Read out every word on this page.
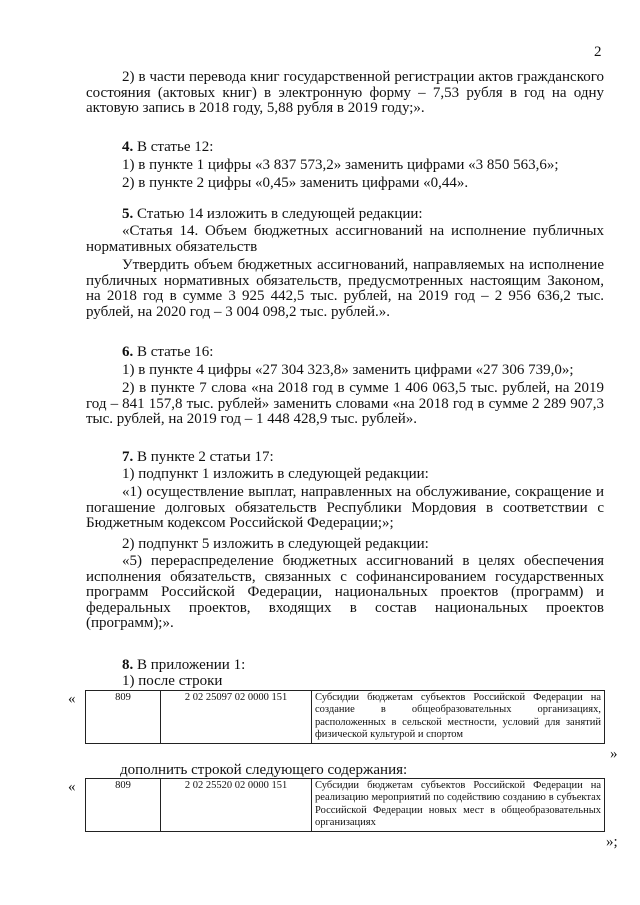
2

2) в части перевода книг государственной регистрации актов гражданского состояния (актовых книг) в электронную форму – 7,53 рубля в год на одну актовую запись в 2018 году, 5,88 рубля в 2019 году;».

4. В статье 12:

1) в пункте 1 цифры «3 837 573,2» заменить цифрами «3 850 563,6»;

2) в пункте 2 цифры «0,45» заменить цифрами «0,44».

5. Статью 14 изложить в следующей редакции:

«Статья 14. Объем бюджетных ассигнований на исполнение публичных нормативных обязательств

Утвердить объем бюджетных ассигнований, направляемых на исполнение публичных нормативных обязательств, предусмотренных настоящим Законом, на 2018 год в сумме 3 925 442,5 тыс. рублей, на 2019 год – 2 956 636,2 тыс. рублей, на 2020 год – 3 004 098,2 тыс. рублей.».

6. В статье 16:

1) в пункте 4 цифры «27 304 323,8» заменить цифрами «27 306 739,0»;

2) в пункте 7 слова «на 2018 год в сумме 1 406 063,5 тыс. рублей, на 2019 год – 841 157,8 тыс. рублей» заменить словами «на 2018 год в сумме 2 289 907,3 тыс. рублей, на 2019 год – 1 448 428,9 тыс. рублей».

7. В пункте 2 статьи 17:

1) подпункт 1 изложить в следующей редакции:

«1) осуществление выплат, направленных на обслуживание, сокращение и погашение долговых обязательств Республики Мордовия в соответствии с Бюджетным кодексом Российской Федерации;»;

2) подпункт 5 изложить в следующей редакции:

«5) перераспределение бюджетных ассигнований в целях обеспечения исполнения обязательств, связанных с софинансированием государственных программ Российской Федерации, национальных проектов (программ) и федеральных проектов, входящих в состав национальных проектов (программ);».

8. В приложении 1:

1) после строки

«	809	2 02 25097 02 0000 151	Субсидии бюджетам субъектов Российской Федерации на создание в общеобразовательных организациях, расположенных в сельской местности, условий для занятий физической культурой и спортом
»

дополнить строкой следующего содержания:

«	809	2 02 25520 02 0000 151	Субсидии бюджетам субъектов Российской Федерации на реализацию мероприятий по содействию созданию в субъектах Российской Федерации новых мест в общеобразовательных организациях
»;
